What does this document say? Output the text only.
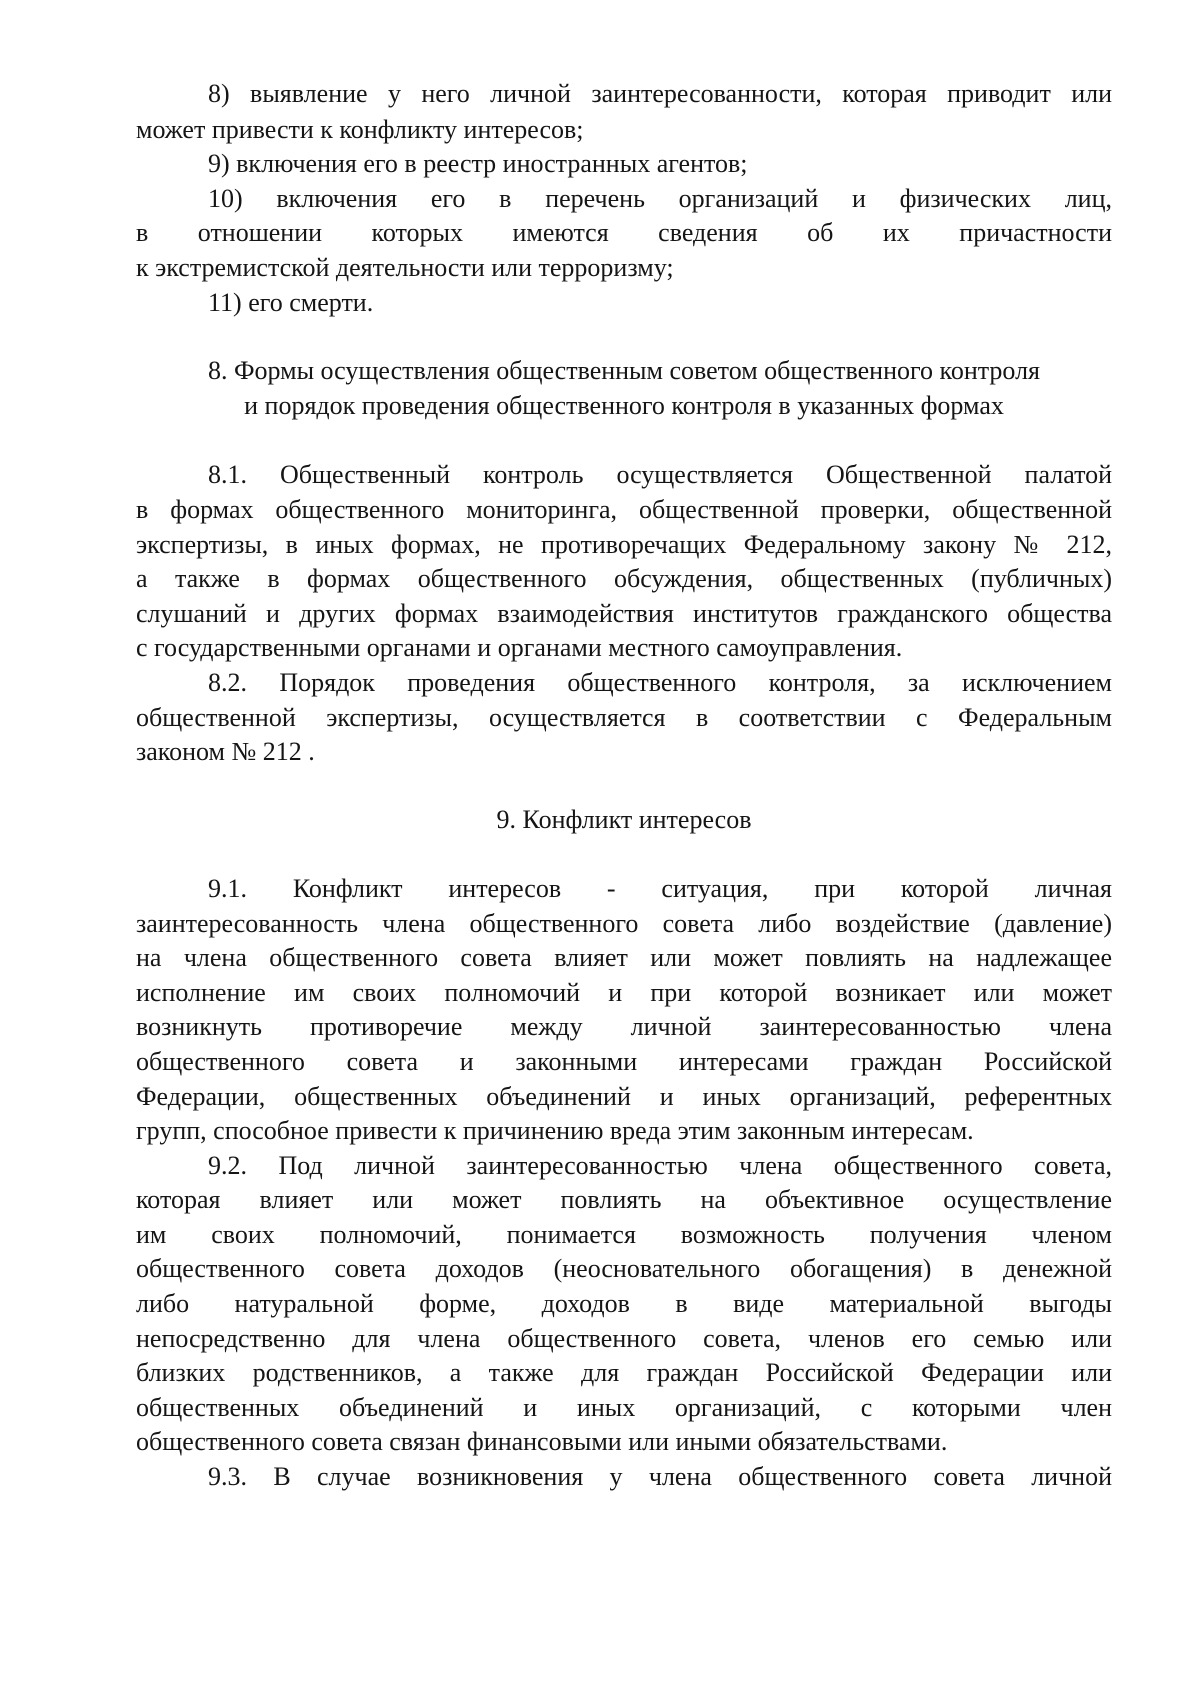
8) выявление у него личной заинтересованности, которая приводит или
может привести к конфликту интересов;
9) включения его в реестр иностранных агентов;
10) включения его в перечень организаций и физических лиц,
в отношении которых имеются сведения об их причастности
к экстремистской деятельности или терроризму;
11) его смерти.
8. Формы осуществления общественным советом общественного контроля
и порядок проведения общественного контроля в указанных формах
8.1. Общественный контроль осуществляется Общественной палатой
в формах общественного мониторинга, общественной проверки, общественной
экспертизы, в иных формах, не противоречащих Федеральному закону № 212,
а также в формах общественного обсуждения, общественных (публичных)
слушаний и других формах взаимодействия институтов гражданского общества
с государственными органами и органами местного самоуправления.
8.2. Порядок проведения общественного контроля, за исключением
общественной экспертизы, осуществляется в соответствии с Федеральным
законом № 212 .
9. Конфликт интересов
9.1. Конфликт интересов - ситуация, при которой личная
заинтересованность члена общественного совета либо воздействие (давление)
на члена общественного совета влияет или может повлиять на надлежащее
исполнение им своих полномочий и при которой возникает или может
возникнуть противоречие между личной заинтересованностью члена
общественного совета и законными интересами граждан Российской
Федерации, общественных объединений и иных организаций, референтных
групп, способное привести к причинению вреда этим законным интересам.
9.2. Под личной заинтересованностью члена общественного совета,
которая влияет или может повлиять на объективное осуществление
им своих полномочий, понимается возможность получения членом
общественного совета доходов (неосновательного обогащения) в денежной
либо натуральной форме, доходов в виде материальной выгоды
непосредственно для члена общественного совета, членов его семью или
близких родственников, а также для граждан Российской Федерации или
общественных объединений и иных организаций, с которыми член
общественного совета связан финансовыми или иными обязательствами.
9.3. В случае возникновения у члена общественного совета личной
